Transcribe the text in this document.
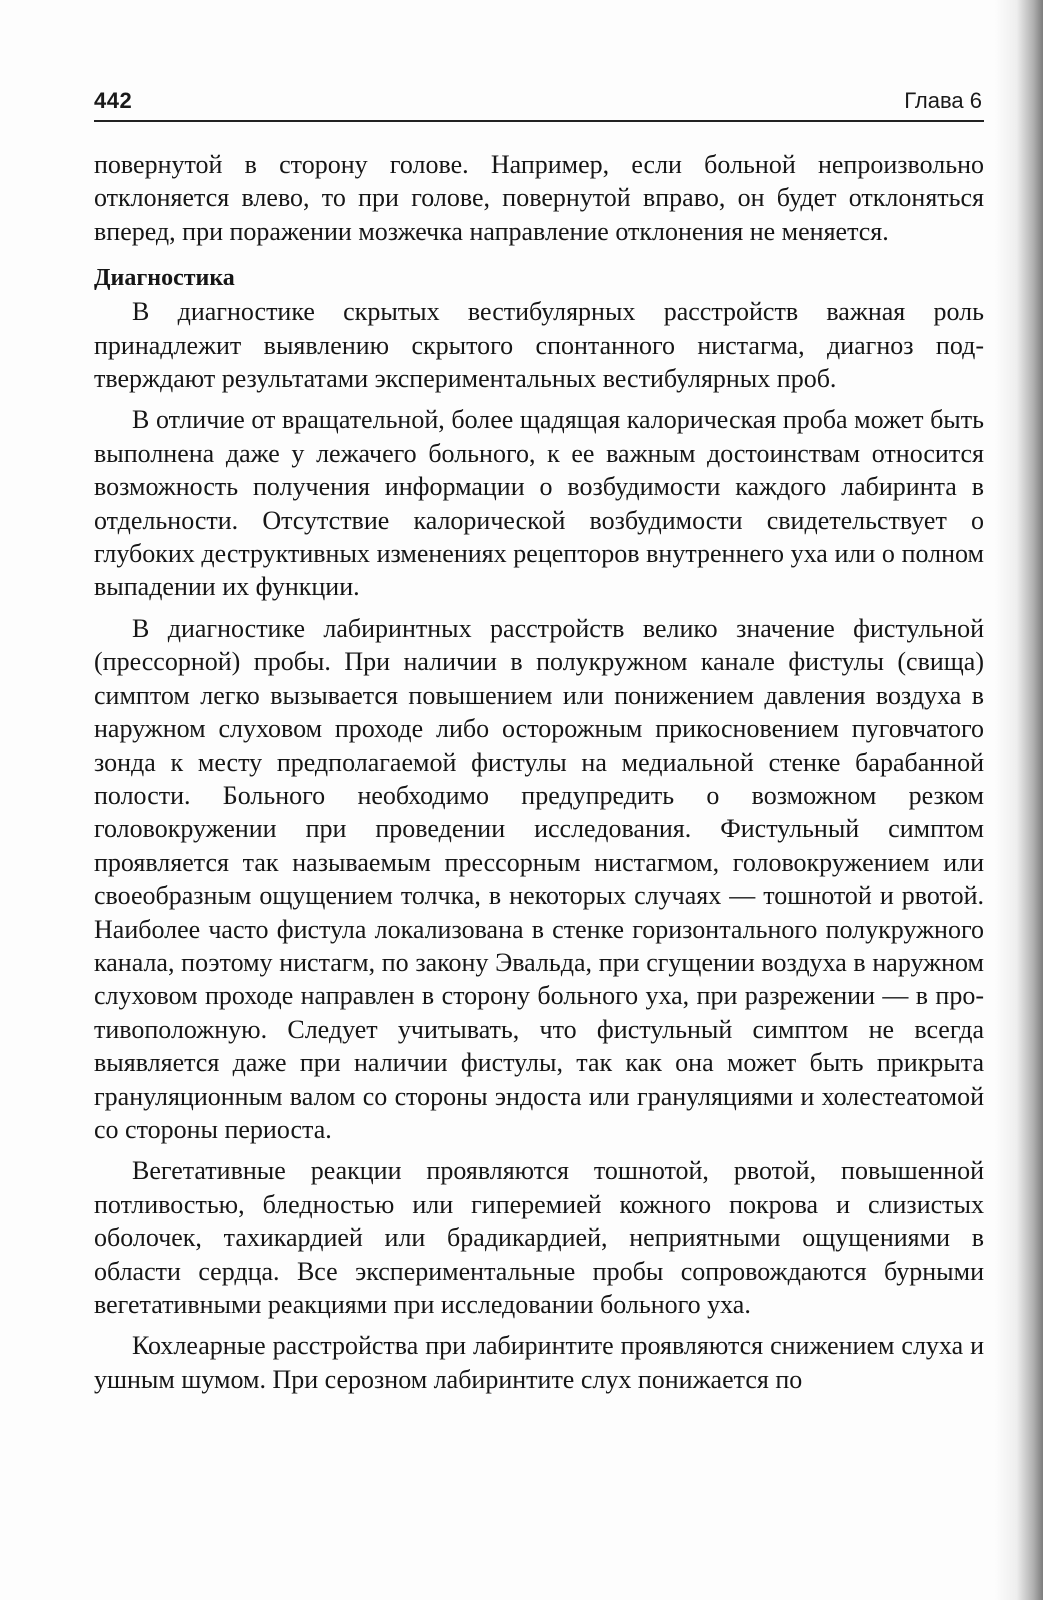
442	Глава 6

повернутой в сторону голове. Например, если больной непроизвольно отклоняется влево, то при голове, повернутой вправо, он будет отклоняться вперед, при поражении мозжечка направление отклонения не меняется.

Диагностика

В диагностике скрытых вестибулярных расстройств важная роль принадлежит выявлению скрытого спонтанного нистагма, диагноз подтверждают результатами экспериментальных вестибулярных проб.

В отличие от вращательной, более щадящая калорическая проба может быть выполнена даже у лежачего больного, к ее важным достоинствам относится возможность получения информации о возбудимости каждого лабиринта в отдельности. Отсутствие калорической возбудимости свидетельствует о глубоких деструктивных изменениях рецепторов внутреннего уха или о полном выпадении их функции.

В диагностике лабиринтных расстройств велико значение фистульной (прессорной) пробы. При наличии в полукружном канале фистулы (свища) симптом легко вызывается повышением или понижением давления воздуха в наружном слуховом проходе либо осторожным прикосновением пуговчатого зонда к месту предполагаемой фистулы на медиальной стенке барабанной полости. Больного необходимо предупредить о возможном резком головокружении при проведении исследования. Фистульный симптом проявляется так называемым прессорным нистагмом, головокружением или своеобразным ощущением толчка, в некоторых случаях — тошнотой и рвотой. Наиболее часто фистула локализована в стенке горизонтального полукружного канала, поэтому нистагм, по закону Эвальда, при сгущении воздуха в наружном слуховом проходе направлен в сторону больного уха, при разрежении — в противоположную. Следует учитывать, что фистульный симптом не всегда выявляется даже при наличии фистулы, так как она может быть прикрыта грануляционным валом со стороны эндоста или грануляциями и холестеатомой со стороны периоста.

Вегетативные реакции проявляются тошнотой, рвотой, повышенной потливостью, бледностью или гиперемией кожного покрова и слизистых оболочек, тахикардией или брадикардией, неприятными ощущениями в области сердца. Все экспериментальные пробы сопровождаются бурными вегетативными реакциями при исследовании больного уха.

Кохлеарные расстройства при лабиринтите проявляются снижением слуха и ушным шумом. При серозном лабиринтите слух понижается по
